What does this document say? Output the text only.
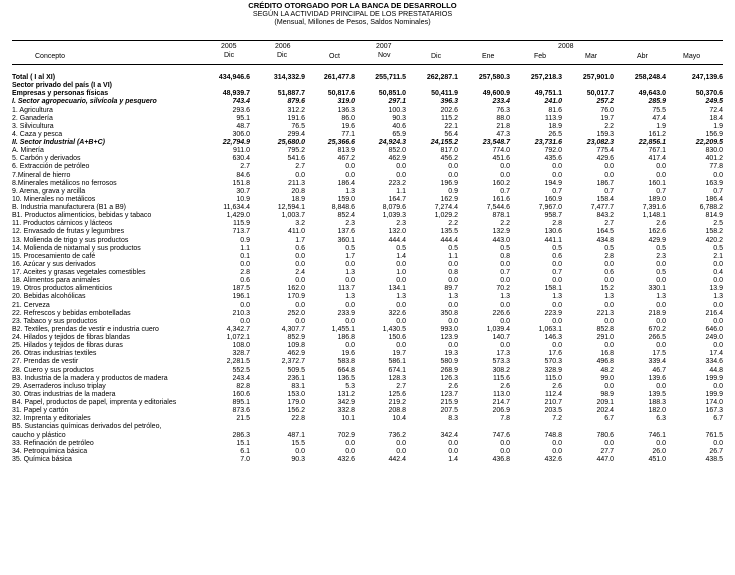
CRÉDITO OTORGADO POR LA BANCA DE DESARROLLO
SEGÚN LA ACTIVIDAD PRINCIPAL DE LOS PRESTATARIOS
(Mensual, Millones de Pesos, Saldos Nominales)
2005	2006	2007	2008
Concepto	Dic	Dic	Oct	Nov	Dic	Ene	Feb	Mar	Abr	Mayo
Total ( I al XI)	434,946.6	314,332.9	261,477.8	255,711.5	262,287.1	257,580.3	257,218.3	257,901.0	258,248.4	247,139.6
Sector privado del país (I a VI)										
Empresas y personas físicas	48,939.7	51,887.7	50,817.6	50,851.0	50,411.9	49,600.9	49,751.1	50,017.7	49,643.0	50,370.6
I. Sector agropecuario, silvícola y pesquero	743.4	879.6	319.0	297.1	396.3	233.4	241.0	257.2	285.9	249.5
1. Agricultura	293.6	312.2	136.3	100.3	202.6	76.3	81.6	76.0	75.5	72.4
2. Ganadería	95.1	191.6	86.0	90.3	115.2	88.0	113.9	19.7	47.4	18.4
3. Silvicultura	48.7	76.5	19.6	40.6	22.1	21.8	18.9	2.2	1.9	1.9
4. Caza y pesca	306.0	299.4	77.1	65.9	56.4	47.3	26.5	159.3	161.2	156.9
II. Sector Industrial (A+B+C)	22,794.9	25,680.0	25,366.6	24,924.3	24,155.2	23,548.7	23,731.6	23,082.3	22,856.1	22,209.5
A. Minería	911.0	795.2	813.9	852.0	817.0	774.0	792.0	775.4	767.1	830.0
5. Carbón y derivados	630.4	541.6	467.2	462.9	456.2	451.6	435.6	429.6	417.4	401.2
6. Extracción de petróleo	2.7	2.7	0.0	0.0	0.0	0.0	0.0	0.0	0.0	77.8
7.Mineral de hierro	84.6	0.0	0.0	0.0	0.0	0.0	0.0	0.0	0.0	0.0
8.Minerales metálicos no ferrosos	151.8	211.3	186.4	223.2	196.9	160.2	194.9	186.7	160.1	163.9
9. Arena, grava y arcilla	30.7	20.8	1.3	1.1	0.9	0.7	0.7	0.7	0.7	0.7
10. Minerales no metálicos	10.9	18.9	159.0	164.7	162.9	161.6	160.9	158.4	189.0	186.4
B. Industria manufacturera (B1 a B9)	11,634.4	12,594.1	8,848.6	8,079.6	7,274.4	7,544.6	7,967.0	7,477.7	7,391.6	6,788.2
B1. Productos alimenticios, bebidas y tabaco	1,429.0	1,003.7	852.4	1,039.3	1,029.2	878.1	958.7	843.2	1,148.1	814.9
11. Productos cárnicos y lácteos	115.9	3.2	2.3	2.3	2.2	2.2	2.8	2.7	2.6	2.5
12. Envasado de frutas y legumbres	713.7	411.0	137.6	132.0	135.5	132.9	130.6	164.5	162.6	158.2
13. Molienda de trigo y sus productos	0.9	1.7	360.1	444.4	444.4	443.0	441.1	434.8	429.9	420.2
14. Molienda de nixtamal y sus productos	1.1	0.6	0.5	0.5	0.5	0.5	0.5	0.5	0.5	0.5
15. Procesamiento de café	0.1	0.0	1.7	1.4	1.1	0.8	0.6	2.8	2.3	2.1
16. Azúcar y sus derivados	0.0	0.0	0.0	0.0	0.0	0.0	0.0	0.0	0.0	0.0
17. Aceites y grasas vegetales comestibles	2.8	2.4	1.3	1.0	0.8	0.7	0.7	0.6	0.5	0.4
18. Alimentos para animales	0.6	0.0	0.0	0.0	0.0	0.0	0.0	0.0	0.0	0.0
19. Otros productos alimenticios	187.5	162.0	113.7	134.1	89.7	70.2	158.1	15.2	330.1	13.9
20. Bebidas alcohólicas	196.1	170.9	1.3	1.3	1.3	1.3	1.3	1.3	1.3	1.3
21. Cerveza	0.0	0.0	0.0	0.0	0.0	0.0	0.0	0.0	0.0	0.0
22. Refrescos y bebidas embotelladas	210.3	252.0	233.9	322.6	350.8	226.6	223.9	221.3	218.9	216.4
23. Tabaco y sus productos	0.0	0.0	0.0	0.0	0.0	0.0	0.0	0.0	0.0	0.0
B2. Textiles, prendas de vestir e industria cuero	4,342.7	4,307.7	1,455.1	1,430.5	993.0	1,039.4	1,063.1	852.8	670.2	646.0
24. Hilados y tejidos de fibras blandas	1,072.1	852.9	186.8	150.6	123.9	140.7	146.3	291.0	266.5	249.0
25. Hilados y tejidos de fibras duras	108.0	109.8	0.0	0.0	0.0	0.0	0.0	0.0	0.0	0.0
26. Otras industrias textiles	328.7	462.9	19.6	19.7	19.3	17.3	17.6	16.8	17.5	17.4
27. Prendas de vestir	2,281.5	2,372.7	583.8	586.1	580.9	573.3	570.3	496.8	339.4	334.6
28. Cuero y sus productos	552.5	509.5	664.8	674.1	268.9	308.2	328.9	48.2	46.7	44.8
B3. Industria de la madera y productos de madera	243.4	236.1	136.5	128.3	126.3	115.6	115.0	99.0	139.6	199.9
29. Aserraderos incluso triplay	82.8	83.1	5.3	2.7	2.6	2.6	2.6	0.0	0.0	0.0
30. Otras industrias de la madera	160.6	153.0	131.2	125.6	123.7	113.0	112.4	98.9	139.5	199.9
B4. Papel, productos de papel, imprenta y editoriales	895.1	179.0	342.9	219.2	215.9	214.7	210.7	209.1	188.3	174.0
31. Papel y cartón	873.6	156.2	332.8	208.8	207.5	206.9	203.5	202.4	182.0	167.3
32. Imprenta y editoriales	21.5	22.8	10.1	10.4	8.3	7.8	7.2	6.7	6.3	6.7
B5. Sustancias químicas derivados del petróleo,										
caucho y plástico	286.3	487.1	702.9	736.2	342.4	747.6	748.8	780.6	746.1	761.5
33. Refinación de petróleo	15.1	15.5	0.0	0.0	0.0	0.0	0.0	0.0	0.0	0.0
34. Petroquímica básica	6.1	0.0	0.0	0.0	0.0	0.0	0.0	27.7	26.0	26.7
35. Química básica	7.0	90.3	432.6	442.4	1.4	436.8	432.6	447.0	451.0	438.5
